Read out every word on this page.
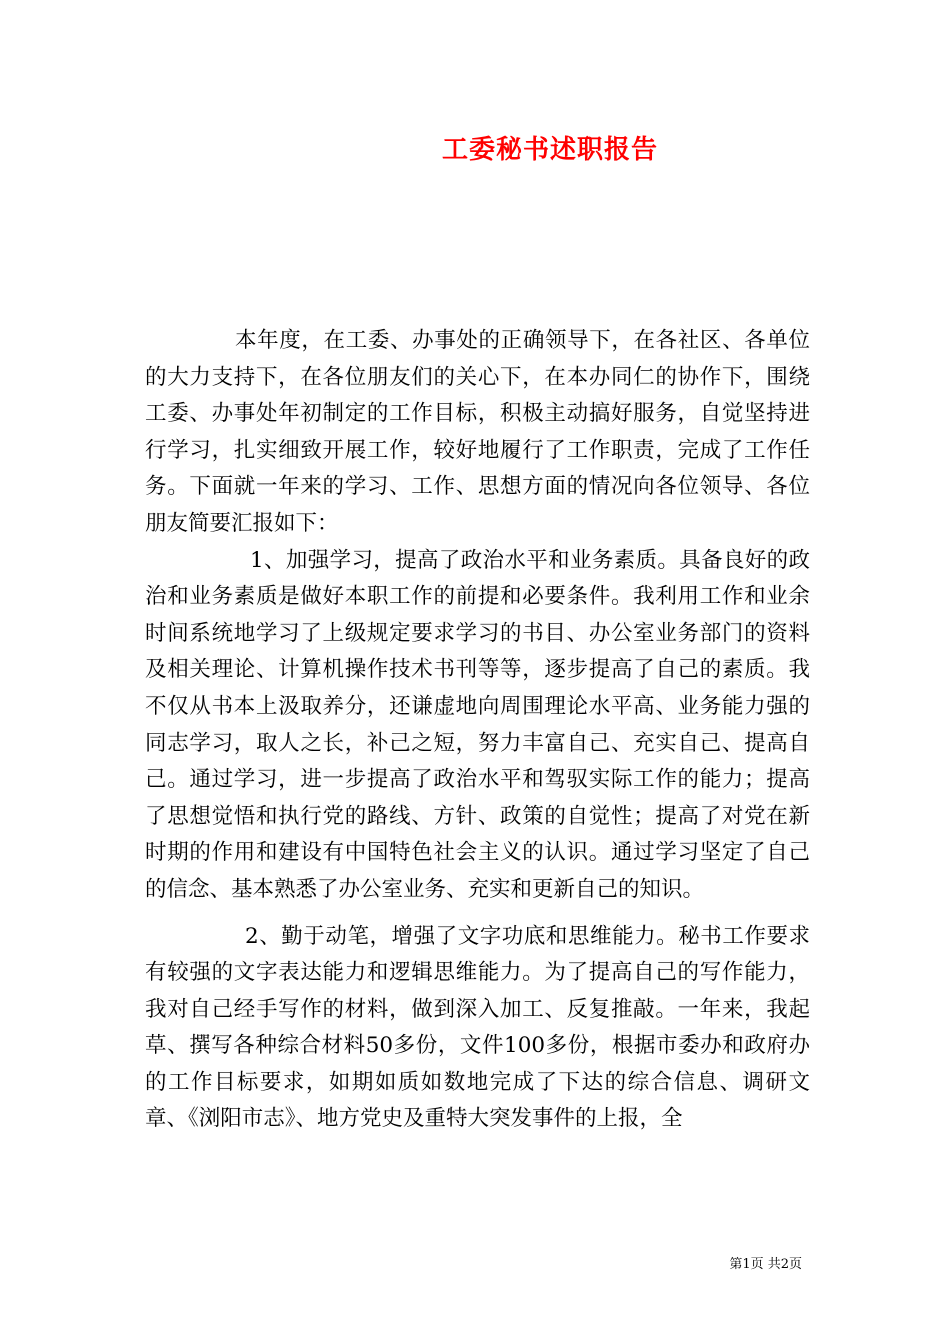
工委秘书述职报告

本年度，在工委、办事处的正确领导下，在各社区、各单位的大力支持下，在各位朋友们的关心下，在本办同仁的协作下，围绕工委、办事处年初制定的工作目标，积极主动搞好服务，自觉坚持进行学习，扎实细致开展工作，较好地履行了工作职责，完成了工作任务。下面就一年来的学习、工作、思想方面的情况向各位领导、各位朋友简要汇报如下：

1、加强学习，提高了政治水平和业务素质。具备良好的政治和业务素质是做好本职工作的前提和必要条件。我利用工作和业余时间系统地学习了上级规定要求学习的书目、办公室业务部门的资料及相关理论、计算机操作技术书刊等等，逐步提高了自己的素质。我不仅从书本上汲取养分，还谦虚地向周围理论水平高、业务能力强的同志学习，取人之长，补己之短，努力丰富自己、充实自己、提高自己。通过学习，进一步提高了政治水平和驾驭实际工作的能力；提高了思想觉悟和执行党的路线、方针、政策的自觉性；提高了对党在新时期的作用和建设有中国特色社会主义的认识。通过学习坚定了自己的信念、基本熟悉了办公室业务、充实和更新自己的知识。

2、勤于动笔，增强了文字功底和思维能力。秘书工作要求有较强的文字表达能力和逻辑思维能力。为了提高自己的写作能力，我对自己经手写作的材料，做到深入加工、反复推敲。一年来，我起草、撰写各种综合材料50多份，文件100多份，根据市委办和政府办的工作目标要求，如期如质如数地完成了下达的综合信息、调研文章、《浏阳市志》、地方党史及重特大突发事件的上报，全

第1页 共2页
